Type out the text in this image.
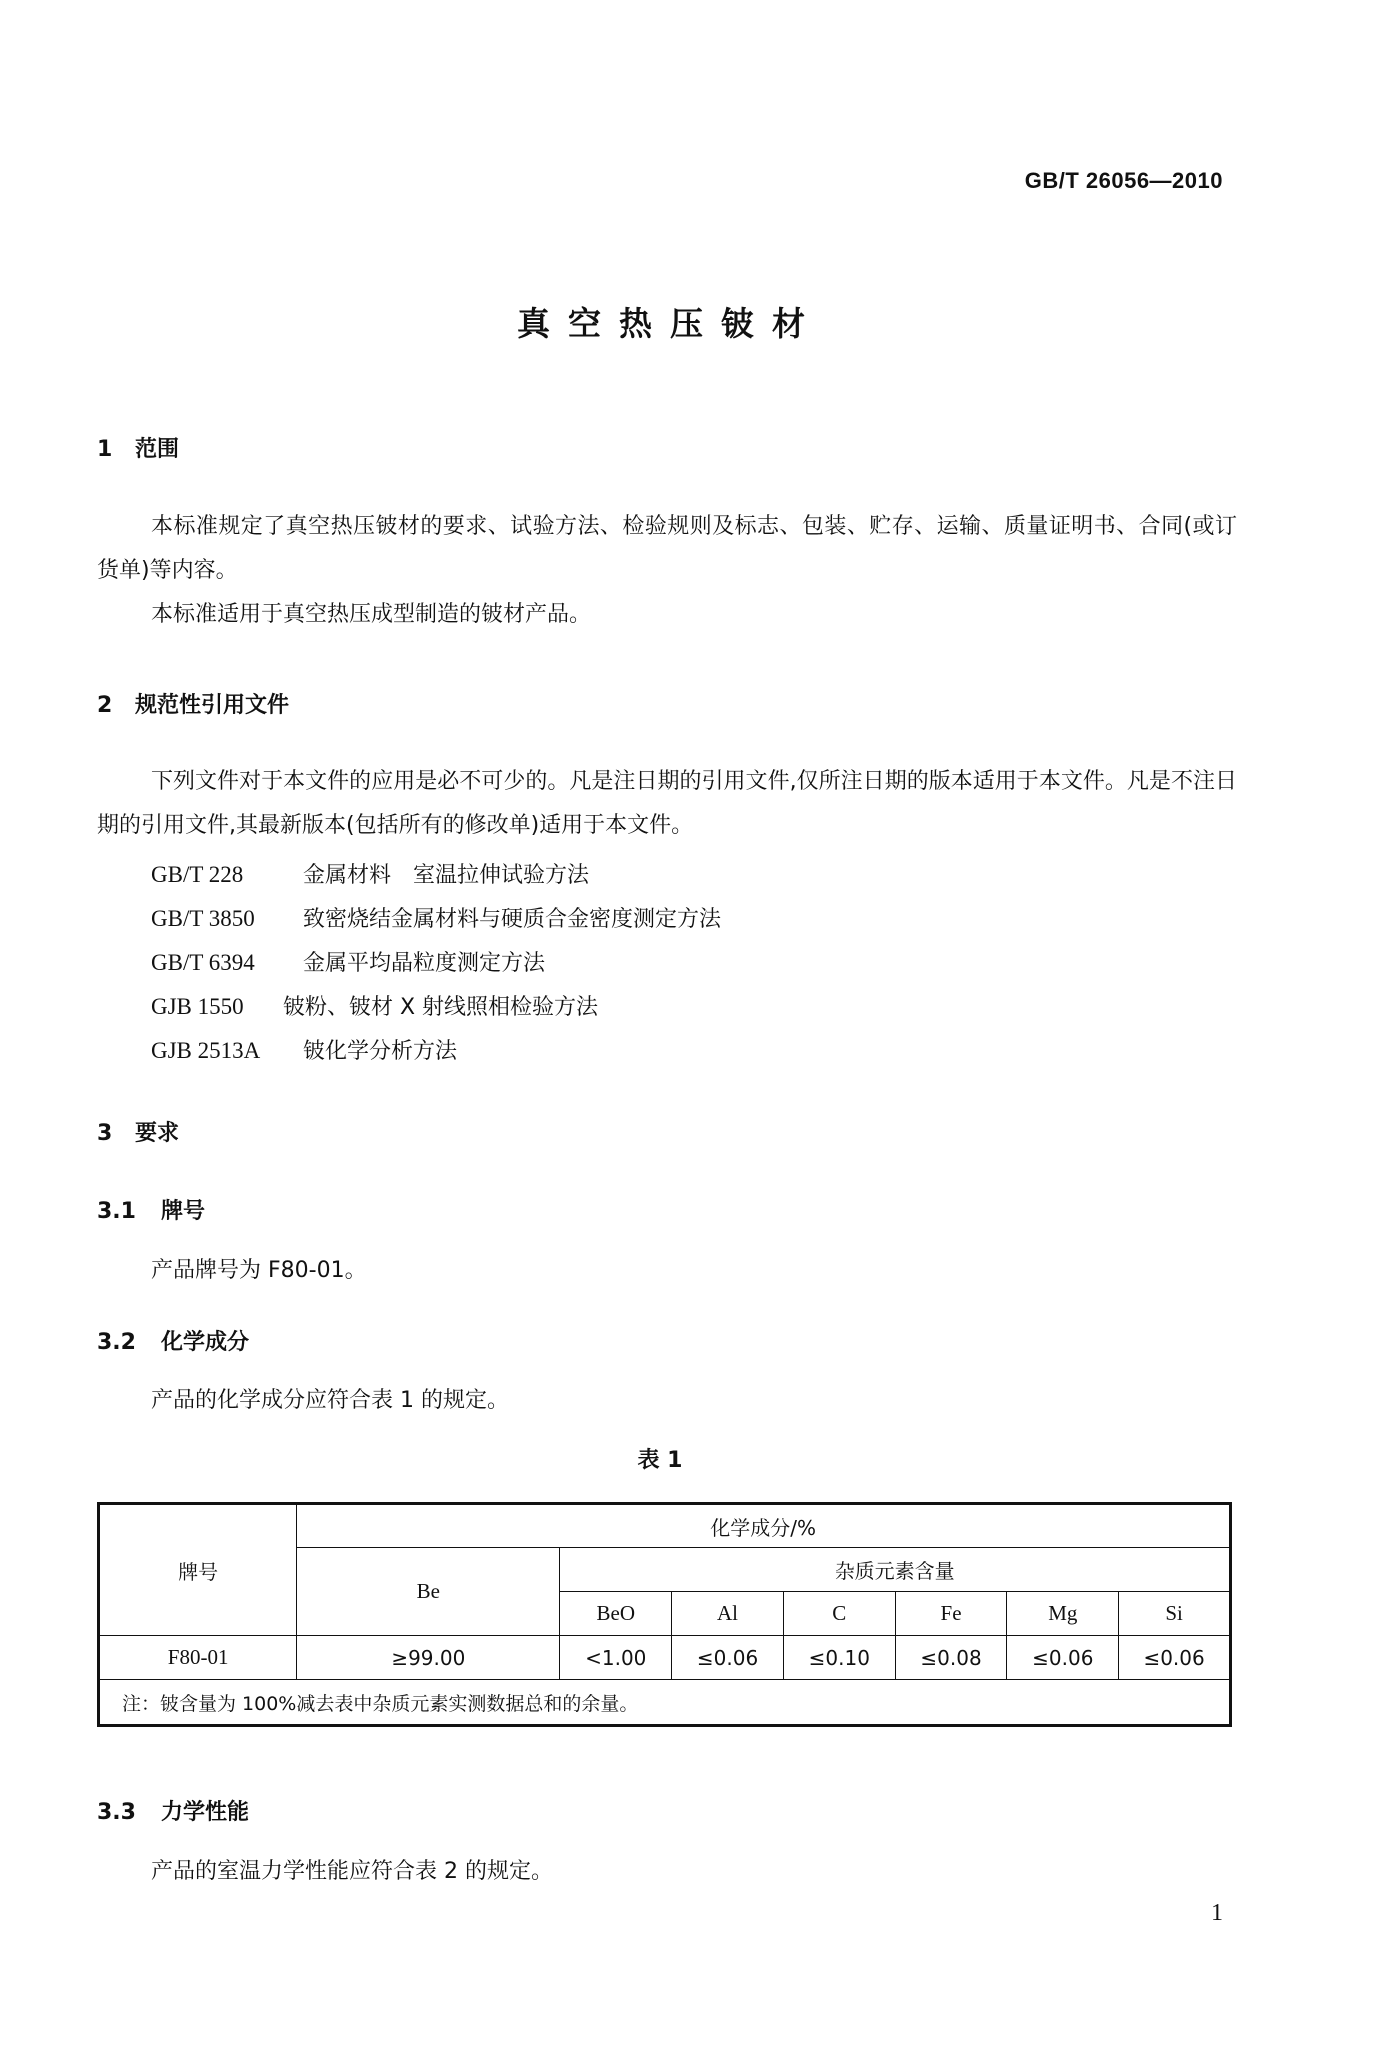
GB/T 26056—2010
真空热压铍材
1 范围
本标准规定了真空热压铍材的要求、试验方法、检验规则及标志、包装、贮存、运输、质量证明书、合同(或订货单)等内容。
本标准适用于真空热压成型制造的铍材产品。
2 规范性引用文件
下列文件对于本文件的应用是必不可少的。凡是注日期的引用文件,仅所注日期的版本适用于本文件。凡是不注日期的引用文件,其最新版本(包括所有的修改单)适用于本文件。
GB/T 228	金属材料　室温拉伸试验方法
GB/T 3850 致密烧结金属材料与硬质合金密度测定方法
GB/T 6394 金属平均晶粒度测定方法
GJB 1550 铍粉、铍材 X 射线照相检验方法
GJB 2513A 铍化学分析方法
3 要求
3.1 牌号
产品牌号为 F80-01。
3.2 化学成分
产品的化学成分应符合表 1 的规定。
表 1
牌号	化学成分/%						
	Be	杂质元素含量					
		BeO	Al	C	Fe	Mg	Si
F80-01	≥99.00	<1.00	≤0.06	≤0.10	≤0.08	≤0.06	≤0.06
注：铍含量为 100%减去表中杂质元素实测数据总和的余量。							
3.3 力学性能
产品的室温力学性能应符合表 2 的规定。
1
